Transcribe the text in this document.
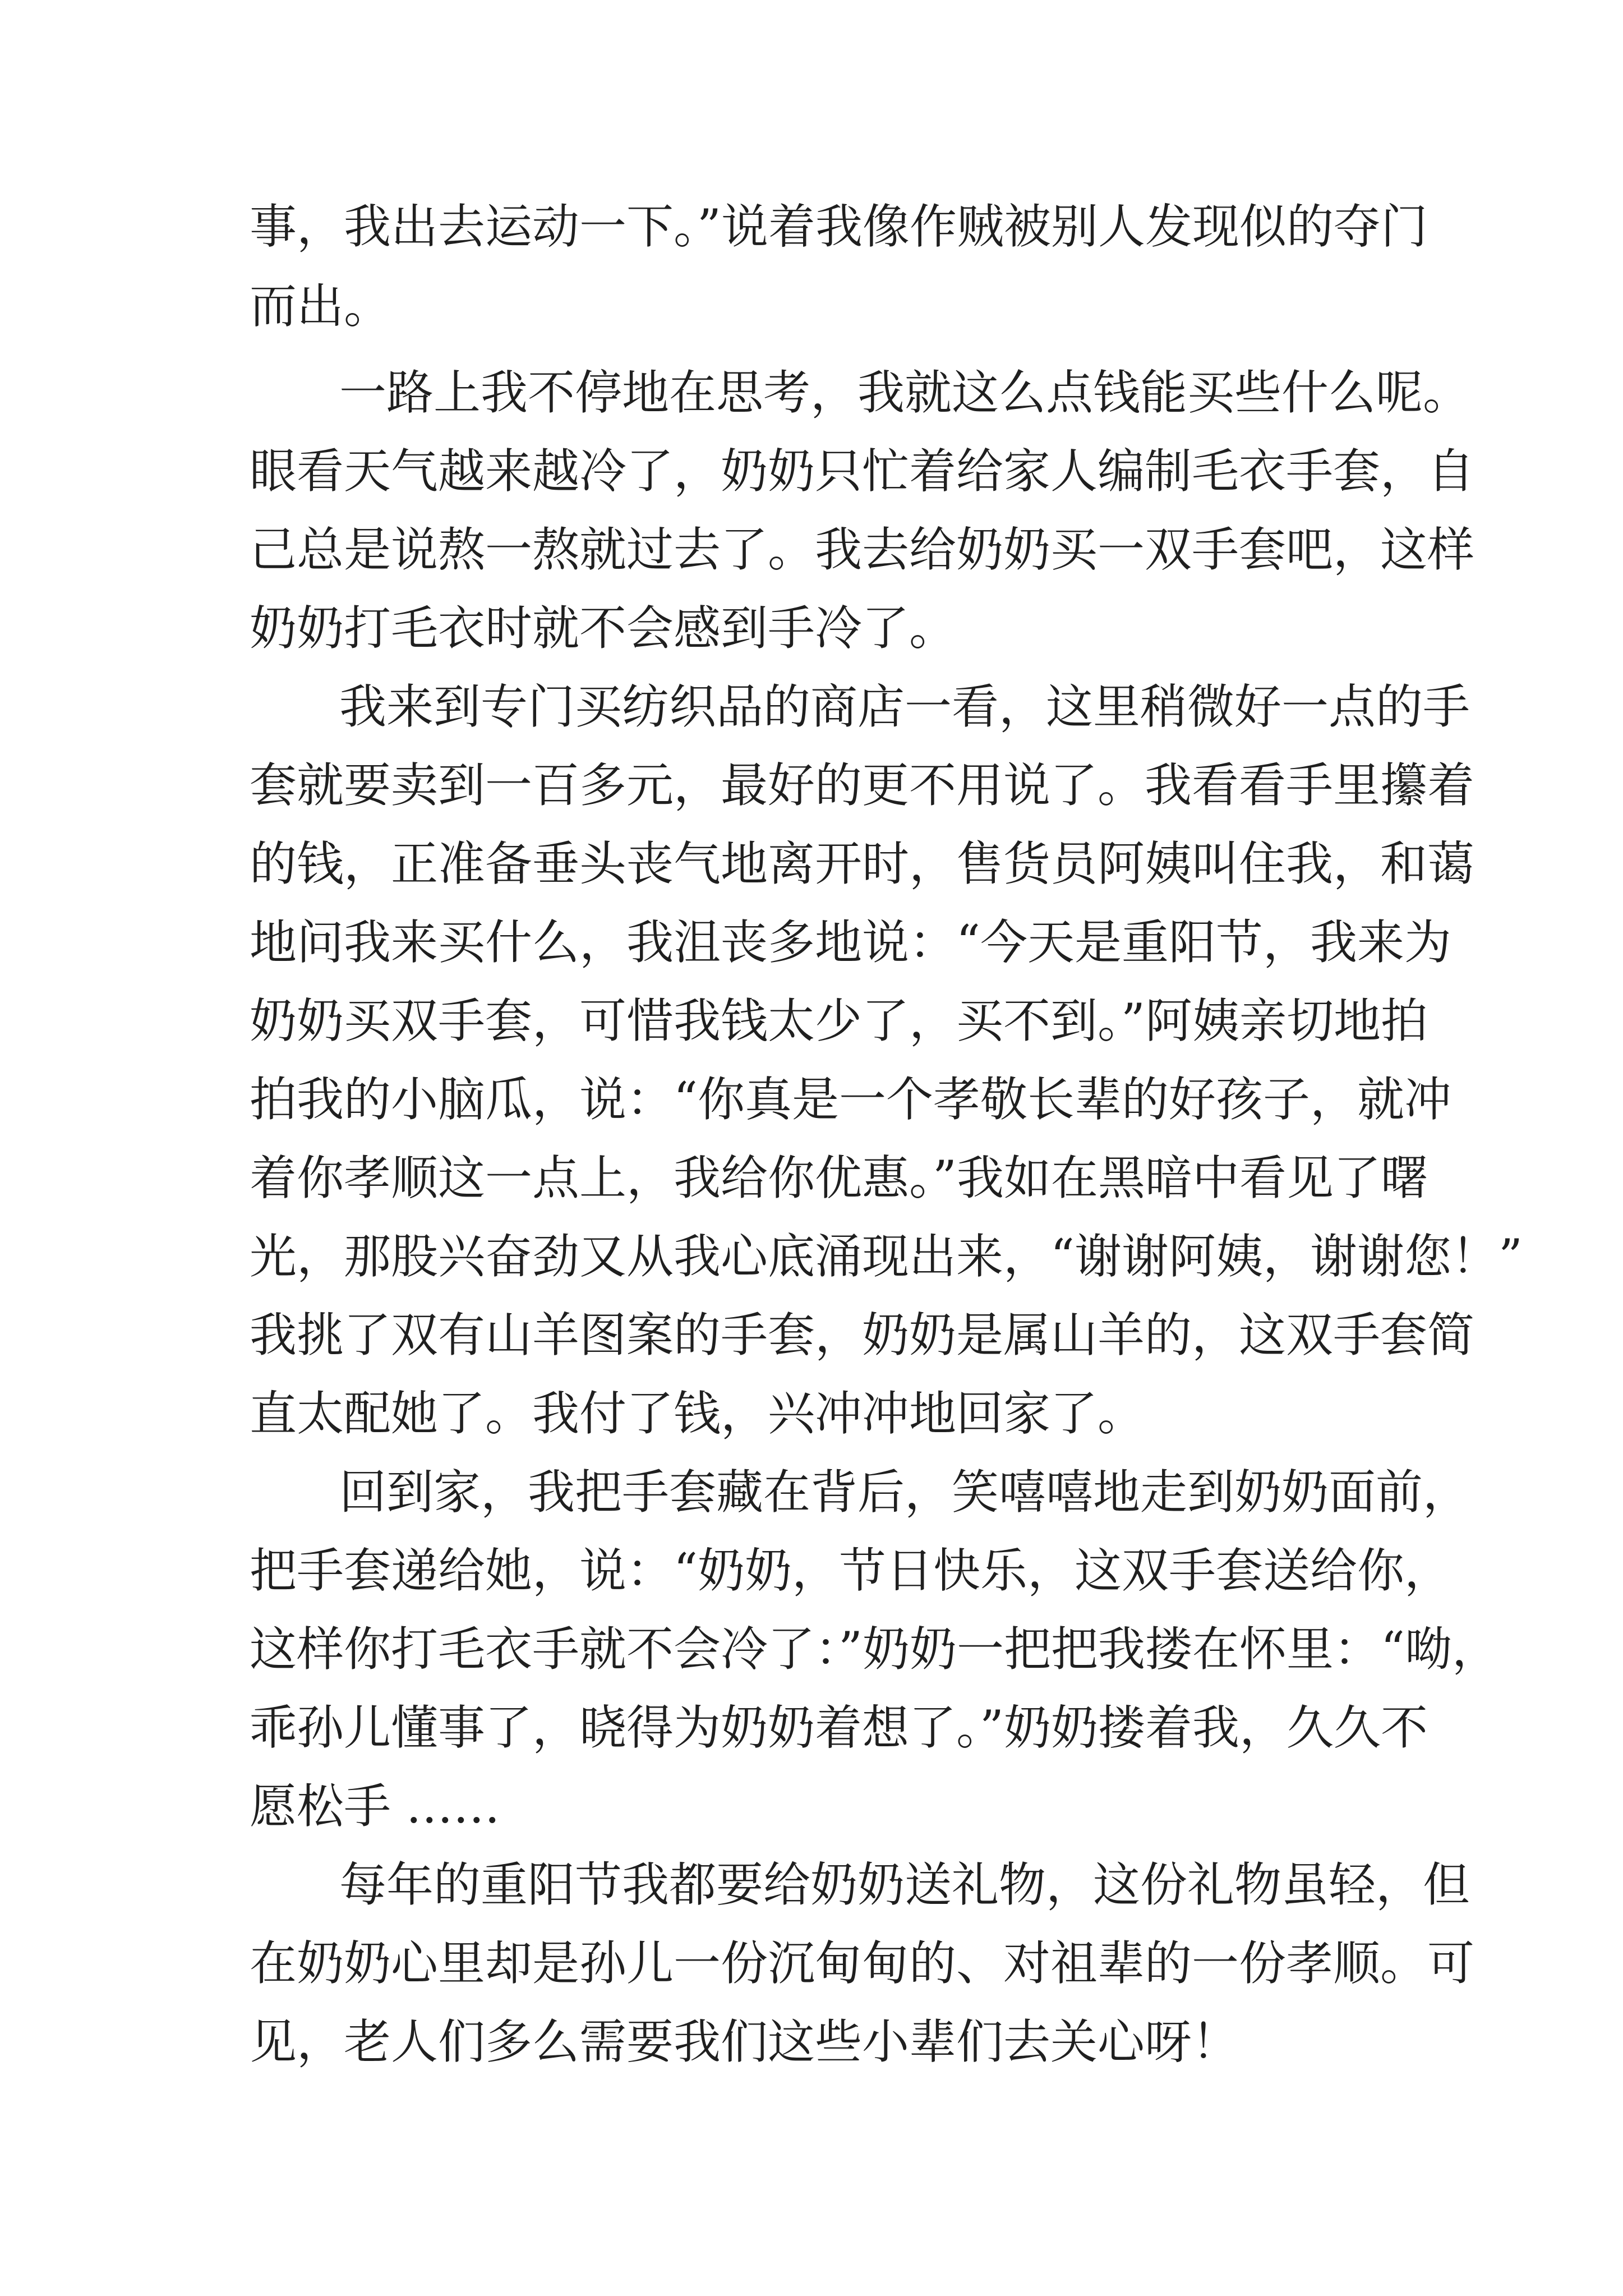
事，我出去运动一下。”说着我像作贼被别人发现似的夺门

而出。

一路上我不停地在思考，我就这么点钱能买些什么呢。

眼看天气越来越冷了，奶奶只忙着给家人编制毛衣手套，自

己总是说熬一熬就过去了。我去给奶奶买一双手套吧，这样

奶奶打毛衣时就不会感到手冷了。

我来到专门买纺织品的商店一看，这里稍微好一点的手

套就要卖到一百多元，最好的更不用说了。我看看手里攥着

的钱，正准备垂头丧气地离开时，售货员阿姨叫住我，和蔼

地问我来买什么，我沮丧多地说：“今天是重阳节，我来为

奶奶买双手套，可惜我钱太少了，买不到。”阿姨亲切地拍

拍我的小脑瓜，说：“你真是一个孝敬长辈的好孩子，就冲

着你孝顺这一点上，我给你优惠。”我如在黑暗中看见了曙

光，那股兴奋劲又从我心底涌现出来，“谢谢阿姨，谢谢您！”

我挑了双有山羊图案的手套，奶奶是属山羊的，这双手套简

直太配她了。我付了钱，兴冲冲地回家了。

回到家，我把手套藏在背后，笑嘻嘻地走到奶奶面前，

把手套递给她，说：“奶奶，节日快乐，这双手套送给你，

这样你打毛衣手就不会冷了：”奶奶一把把我搂在怀里：“呦，

乖孙儿懂事了，晓得为奶奶着想了。”奶奶搂着我，久久不

愿松手 ……

每年的重阳节我都要给奶奶送礼物，这份礼物虽轻，但

在奶奶心里却是孙儿一份沉甸甸的、对祖辈的一份孝顺。可

见，老人们多么需要我们这些小辈们去关心呀！
